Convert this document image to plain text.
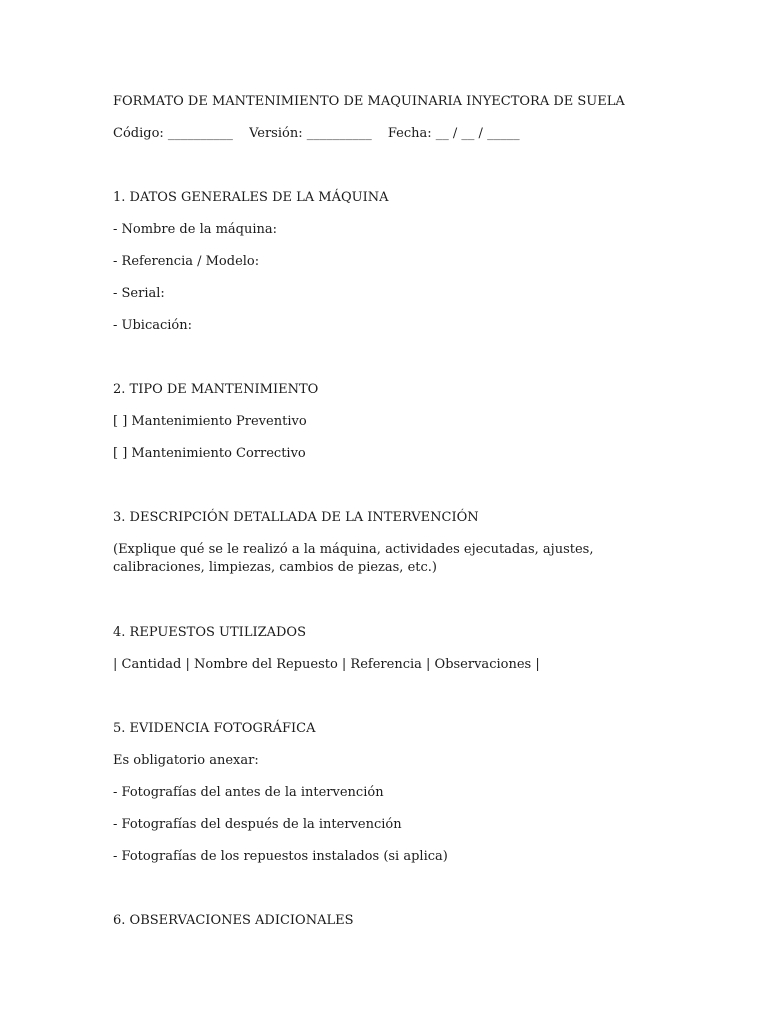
FORMATO DE MANTENIMIENTO DE MAQUINARIA INYECTORA DE SUELA
Código: __________ Versión: __________ Fecha: __ / __ / _____
1. DATOS GENERALES DE LA MÁQUINA
- Nombre de la máquina:
- Referencia / Modelo:
- Serial:
- Ubicación:
2. TIPO DE MANTENIMIENTO
[ ] Mantenimiento Preventivo
[ ] Mantenimiento Correctivo
3. DESCRIPCIÓN DETALLADA DE LA INTERVENCIÓN
(Explique qué se le realizó a la máquina, actividades ejecutadas, ajustes, calibraciones, limpiezas, cambios de piezas, etc.)
4. REPUESTOS UTILIZADOS
| Cantidad | Nombre del Repuesto | Referencia | Observaciones |
5. EVIDENCIA FOTOGRÁFICA
Es obligatorio anexar:
- Fotografías del antes de la intervención
- Fotografías del después de la intervención
- Fotografías de los repuestos instalados (si aplica)
6. OBSERVACIONES ADICIONALES
